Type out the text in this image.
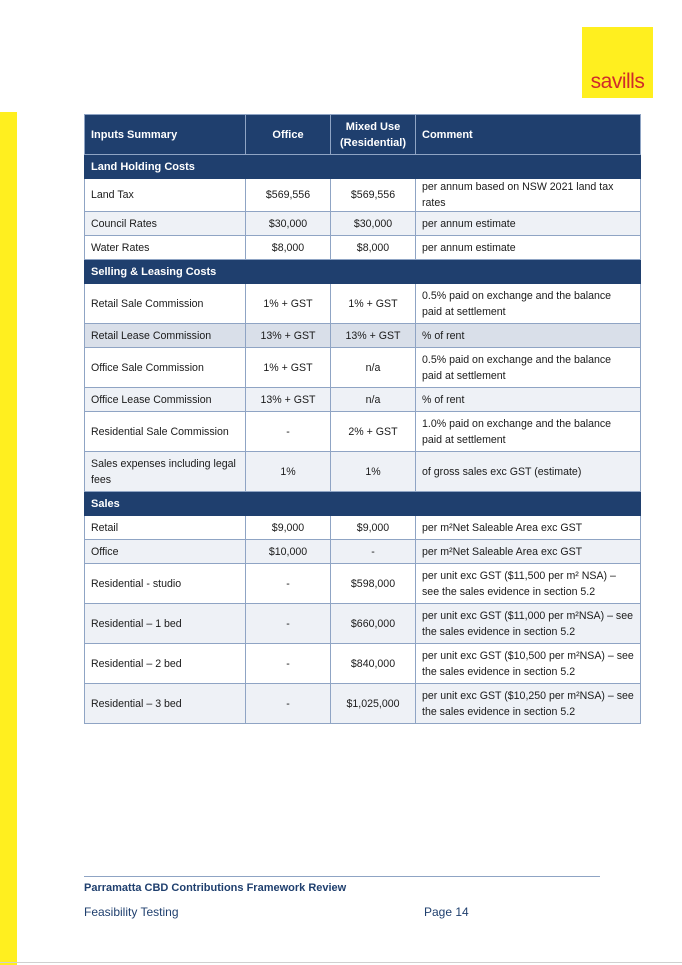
savills
Inputs Summary	Office	Mixed Use (Residential)	Comment
Land Holding Costs			
Land Tax	$569,556	$569,556	per annum based on NSW 2021 land tax rates
Council Rates	$30,000	$30,000	per annum estimate
Water Rates	$8,000	$8,000	per annum estimate
Selling & Leasing Costs			
Retail Sale Commission	1% + GST	1% + GST	0.5% paid on exchange and the balance paid at settlement
Retail Lease Commission	13% + GST	13% + GST	% of rent
Office Sale Commission	1% + GST	n/a	0.5% paid on exchange and the balance paid at settlement
Office Lease Commission	13% + GST	n/a	% of rent
Residential Sale Commission	-	2% + GST	1.0% paid on exchange and the balance paid at settlement
Sales expenses including legal fees	1%	1%	of gross sales exc GST (estimate)
Sales			
Retail	$9,000	$9,000	per m²Net Saleable Area exc GST
Office	$10,000	-	per m²Net Saleable Area exc GST
Residential - studio	-	$598,000	per unit exc GST ($11,500 per m² NSA) – see the sales evidence in section 5.2
Residential – 1 bed	-	$660,000	per unit exc GST ($11,000 per m²NSA) – see the sales evidence in section 5.2
Residential – 2 bed	-	$840,000	per unit exc GST ($10,500 per m²NSA) – see the sales evidence in section 5.2
Residential – 3 bed	-	$1,025,000	per unit exc GST ($10,250 per m²NSA) – see the sales evidence in section 5.2
Parramatta CBD Contributions Framework Review
Feasibility Testing	Page 14
